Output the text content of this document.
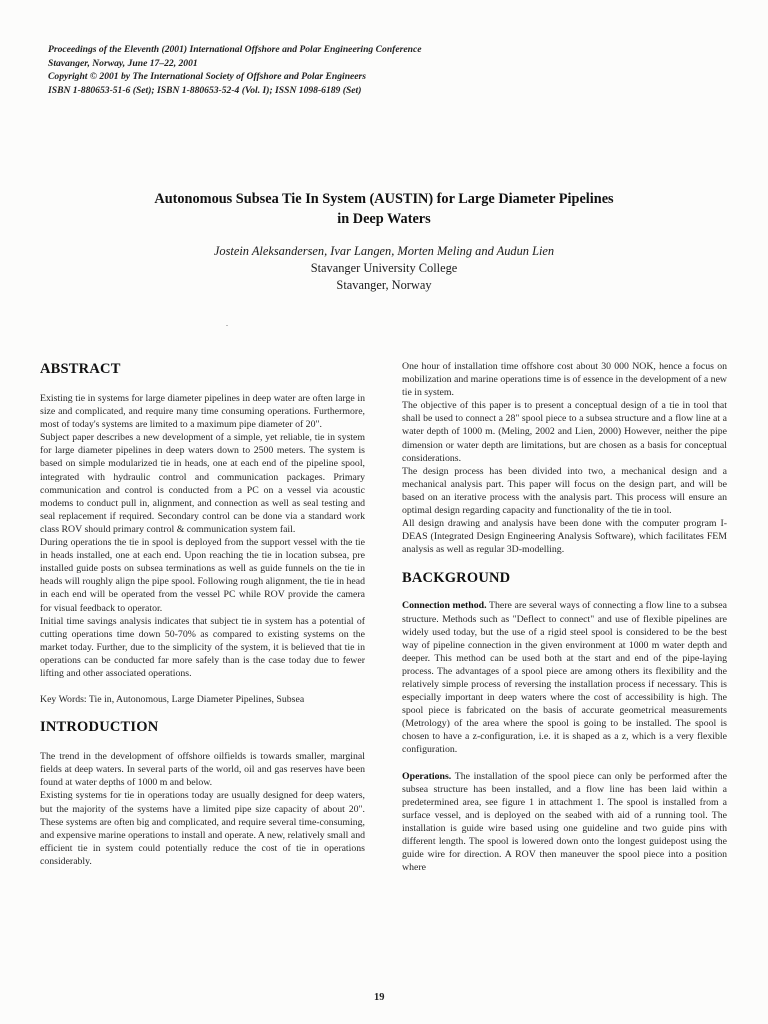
Proceedings of the Eleventh (2001) International Offshore and Polar Engineering Conference
Stavanger, Norway, June 17–22, 2001
Copyright © 2001 by The International Society of Offshore and Polar Engineers
ISBN 1-880653-51-6 (Set); ISBN 1-880653-52-4 (Vol. I); ISSN 1098-6189 (Set)
Autonomous Subsea Tie In System (AUSTIN) for Large Diameter Pipelines
in Deep Waters
Jostein Aleksandersen, Ivar Langen, Morten Meling and Audun Lien
Stavanger University College
Stavanger, Norway
ABSTRACT

Existing tie in systems for large diameter pipelines in deep water are often large in size and complicated, and require many time consuming operations. Furthermore, most of today's systems are limited to a maximum pipe diameter of 20".

Subject paper describes a new development of a simple, yet reliable, tie in system for large diameter pipelines in deep waters down to 2500 meters. The system is based on simple modularized tie in heads, one at each end of the pipeline spool, integrated with hydraulic control and communication packages. Primary communication and control is conducted from a PC on a vessel via acoustic modems to conduct pull in, alignment, and connection as well as seal testing and seal replacement if required. Secondary control can be done via a standard work class ROV should primary control & communication system fail.

During operations the tie in spool is deployed from the support vessel with the tie in heads installed, one at each end. Upon reaching the tie in location subsea, pre installed guide posts on subsea terminations as well as guide funnels on the tie in heads will roughly align the pipe spool. Following rough alignment, the tie in head in each end will be operated from the vessel PC while ROV provide the camera for visual feedback to operator.

Initial time savings analysis indicates that subject tie in system has a potential of cutting operations time down 50-70% as compared to existing systems on the market today. Further, due to the simplicity of the system, it is believed that tie in operations can be conducted far more safely than is the case today due to fewer lifting and other associated operations.

Key Words: Tie in, Autonomous, Large Diameter Pipelines, Subsea

INTRODUCTION

The trend in the development of offshore oilfields is towards smaller, marginal fields at deep waters. In several parts of the world, oil and gas reserves have been found at water depths of 1000 m and below.

Existing systems for tie in operations today are usually designed for deep waters, but the majority of the systems have a limited pipe size capacity of about 20". These systems are often big and complicated, and require several time-consuming, and expensive marine operations to install and operate. A new, relatively small and efficient tie in system could potentially reduce the cost of tie in operations considerably.

One hour of installation time offshore cost about 30 000 NOK, hence a focus on mobilization and marine operations time is of essence in the development of a new tie in system.

The objective of this paper is to present a conceptual design of a tie in tool that shall be used to connect a 28" spool piece to a subsea structure and a flow line at a water depth of 1000 m. (Meling, 2002 and Lien, 2000) However, neither the pipe dimension or water depth are limitations, but are chosen as a basis for conceptual considerations.

The design process has been divided into two, a mechanical design and a mechanical analysis part. This paper will focus on the design part, and will be based on an iterative process with the analysis part. This process will ensure an optimal design regarding capacity and functionality of the tie in tool.

All design drawing and analysis have been done with the computer program I-DEAS (Integrated Design Engineering Analysis Software), which facilitates FEM analysis as well as regular 3D-modelling.

BACKGROUND

Connection method. There are several ways of connecting a flow line to a subsea structure. Methods such as "Deflect to connect" and use of flexible pipelines are widely used today, but the use of a rigid steel spool is considered to be the best way of pipeline connection in the given environment at 1000 m water depth and deeper. This method can be used both at the start and end of the pipe-laying process. The advantages of a spool piece are among others its flexibility and the relatively simple process of reversing the installation process if necessary. This is especially important in deep waters where the cost of accessibility is high. The spool piece is fabricated on the basis of accurate geometrical measurements (Metrology) of the area where the spool is going to be installed. The spool is chosen to have a z-configuration, i.e. it is shaped as a z, which is a very flexible configuration.

Operations. The installation of the spool piece can only be performed after the subsea structure has been installed, and a flow line has been laid within a predetermined area, see figure 1 in attachment 1. The spool is installed from a surface vessel, and is deployed on the seabed with aid of a running tool. The installation is guide wire based using one guideline and two guide pins with different length. The spool is lowered down onto the longest guidepost using the guide wire for direction. A ROV then maneuver the spool piece into a position where

19
